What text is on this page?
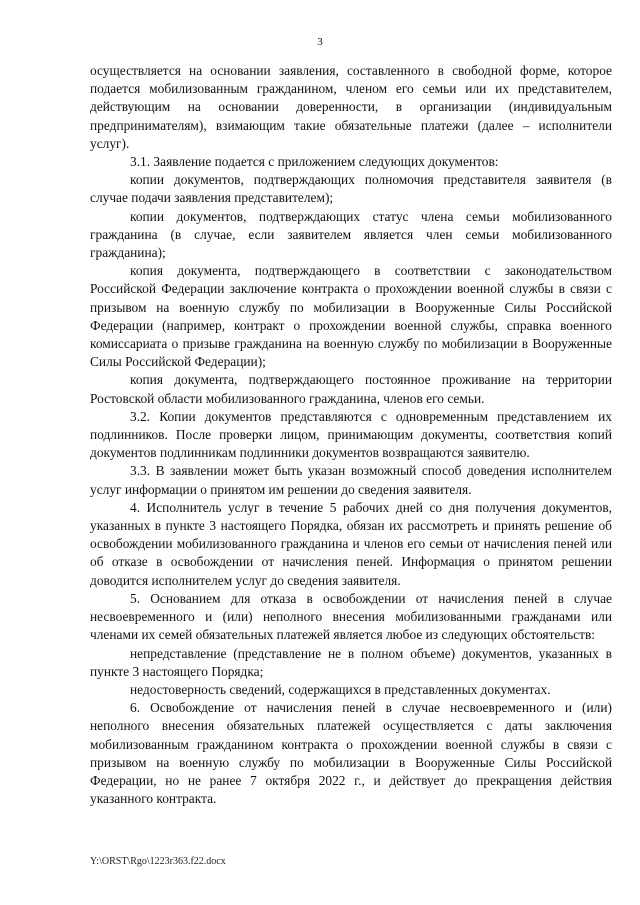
3

осуществляется на основании заявления, составленного в свободной форме, которое подается мобилизованным гражданином, членом его семьи или их представителем, действующим на основании доверенности, в организации (индивидуальным предпринимателям), взимающим такие обязательные платежи (далее – исполнители услуг).

3.1. Заявление подается с приложением следующих документов:

копии документов, подтверждающих полномочия представителя заявителя (в случае подачи заявления представителем);

копии документов, подтверждающих статус члена семьи мобилизованного гражданина (в случае, если заявителем является член семьи мобилизованного гражданина);

копия документа, подтверждающего в соответствии с законодательством Российской Федерации заключение контракта о прохождении военной службы в связи с призывом на военную службу по мобилизации в Вооруженные Силы Российской Федерации (например, контракт о прохождении военной службы, справка военного комиссариата о призыве гражданина на военную службу по мобилизации в Вооруженные Силы Российской Федерации);

копия документа, подтверждающего постоянное проживание на территории Ростовской области мобилизованного гражданина, членов его семьи.

3.2. Копии документов представляются с одновременным представлением их подлинников. После проверки лицом, принимающим документы, соответствия копий документов подлинникам подлинники документов возвращаются заявителю.

3.3. В заявлении может быть указан возможный способ доведения исполнителем услуг информации о принятом им решении до сведения заявителя.

4. Исполнитель услуг в течение 5 рабочих дней со дня получения документов, указанных в пункте 3 настоящего Порядка, обязан их рассмотреть и принять решение об освобождении мобилизованного гражданина и членов его семьи от начисления пеней или об отказе в освобождении от начисления пеней. Информация о принятом решении доводится исполнителем услуг до сведения заявителя.

5. Основанием для отказа в освобождении от начисления пеней в случае несвоевременного и (или) неполного внесения мобилизованными гражданами или членами их семей обязательных платежей является любое из следующих обстоятельств:

непредставление (представление не в полном объеме) документов, указанных в пункте 3 настоящего Порядка;

недостоверность сведений, содержащихся в представленных документах.

6. Освобождение от начисления пеней в случае несвоевременного и (или) неполного внесения обязательных платежей осуществляется с даты заключения мобилизованным гражданином контракта о прохождении военной службы в связи с призывом на военную службу по мобилизации в Вооруженные Силы Российской Федерации, но не ранее 7 октября 2022 г., и действует до прекращения действия указанного контракта.

Y:\ORST\Rgo\1223r363.f22.docx
